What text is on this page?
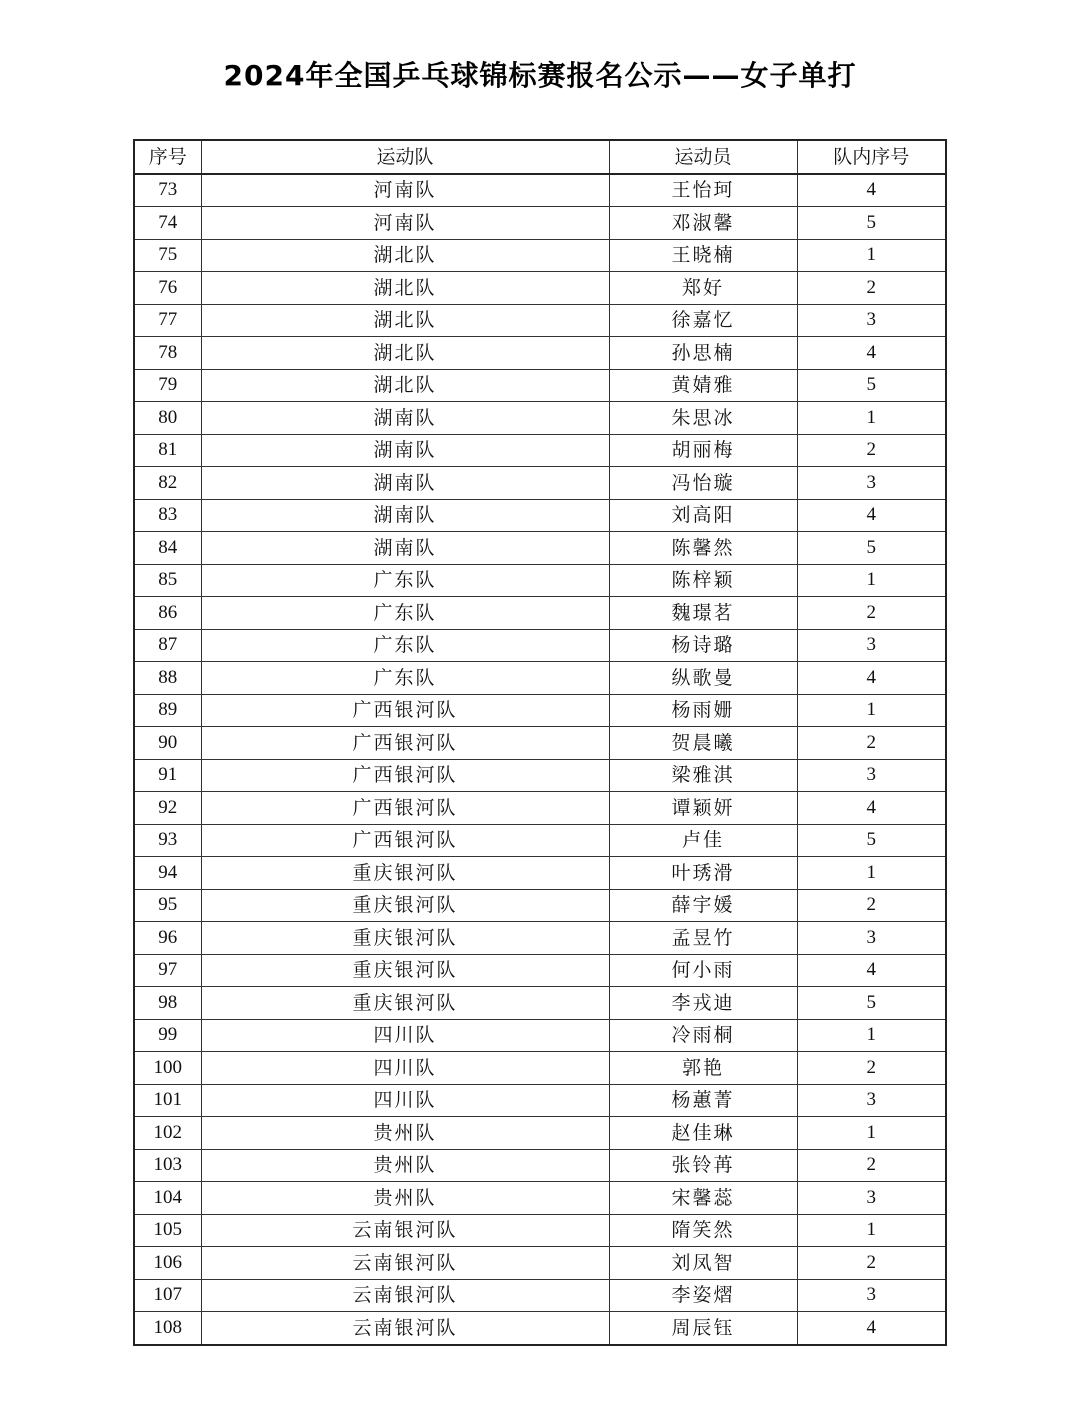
2024年全国乒乓球锦标赛报名公示——女子单打
序号	运动队	运动员	队内序号
73	河南队	王怡珂	4
74	河南队	邓淑馨	5
75	湖北队	王晓楠	1
76	湖北队	郑好	2
77	湖北队	徐嘉忆	3
78	湖北队	孙思楠	4
79	湖北队	黄婧雅	5
80	湖南队	朱思冰	1
81	湖南队	胡丽梅	2
82	湖南队	冯怡璇	3
83	湖南队	刘高阳	4
84	湖南队	陈馨然	5
85	广东队	陈梓颖	1
86	广东队	魏璟茗	2
87	广东队	杨诗璐	3
88	广东队	纵歌曼	4
89	广西银河队	杨雨姗	1
90	广西银河队	贺晨曦	2
91	广西银河队	梁雅淇	3
92	广西银河队	谭颖妍	4
93	广西银河队	卢佳	5
94	重庆银河队	叶琇滑	1
95	重庆银河队	薛宇媛	2
96	重庆银河队	孟昱竹	3
97	重庆银河队	何小雨	4
98	重庆银河队	李戎迪	5
99	四川队	冷雨桐	1
100	四川队	郭艳	2
101	四川队	杨蕙菁	3
102	贵州队	赵佳琳	1
103	贵州队	张铃苒	2
104	贵州队	宋馨蕊	3
105	云南银河队	隋笑然	1
106	云南银河队	刘凤智	2
107	云南银河队	李姿熠	3
108	云南银河队	周辰钰	4
